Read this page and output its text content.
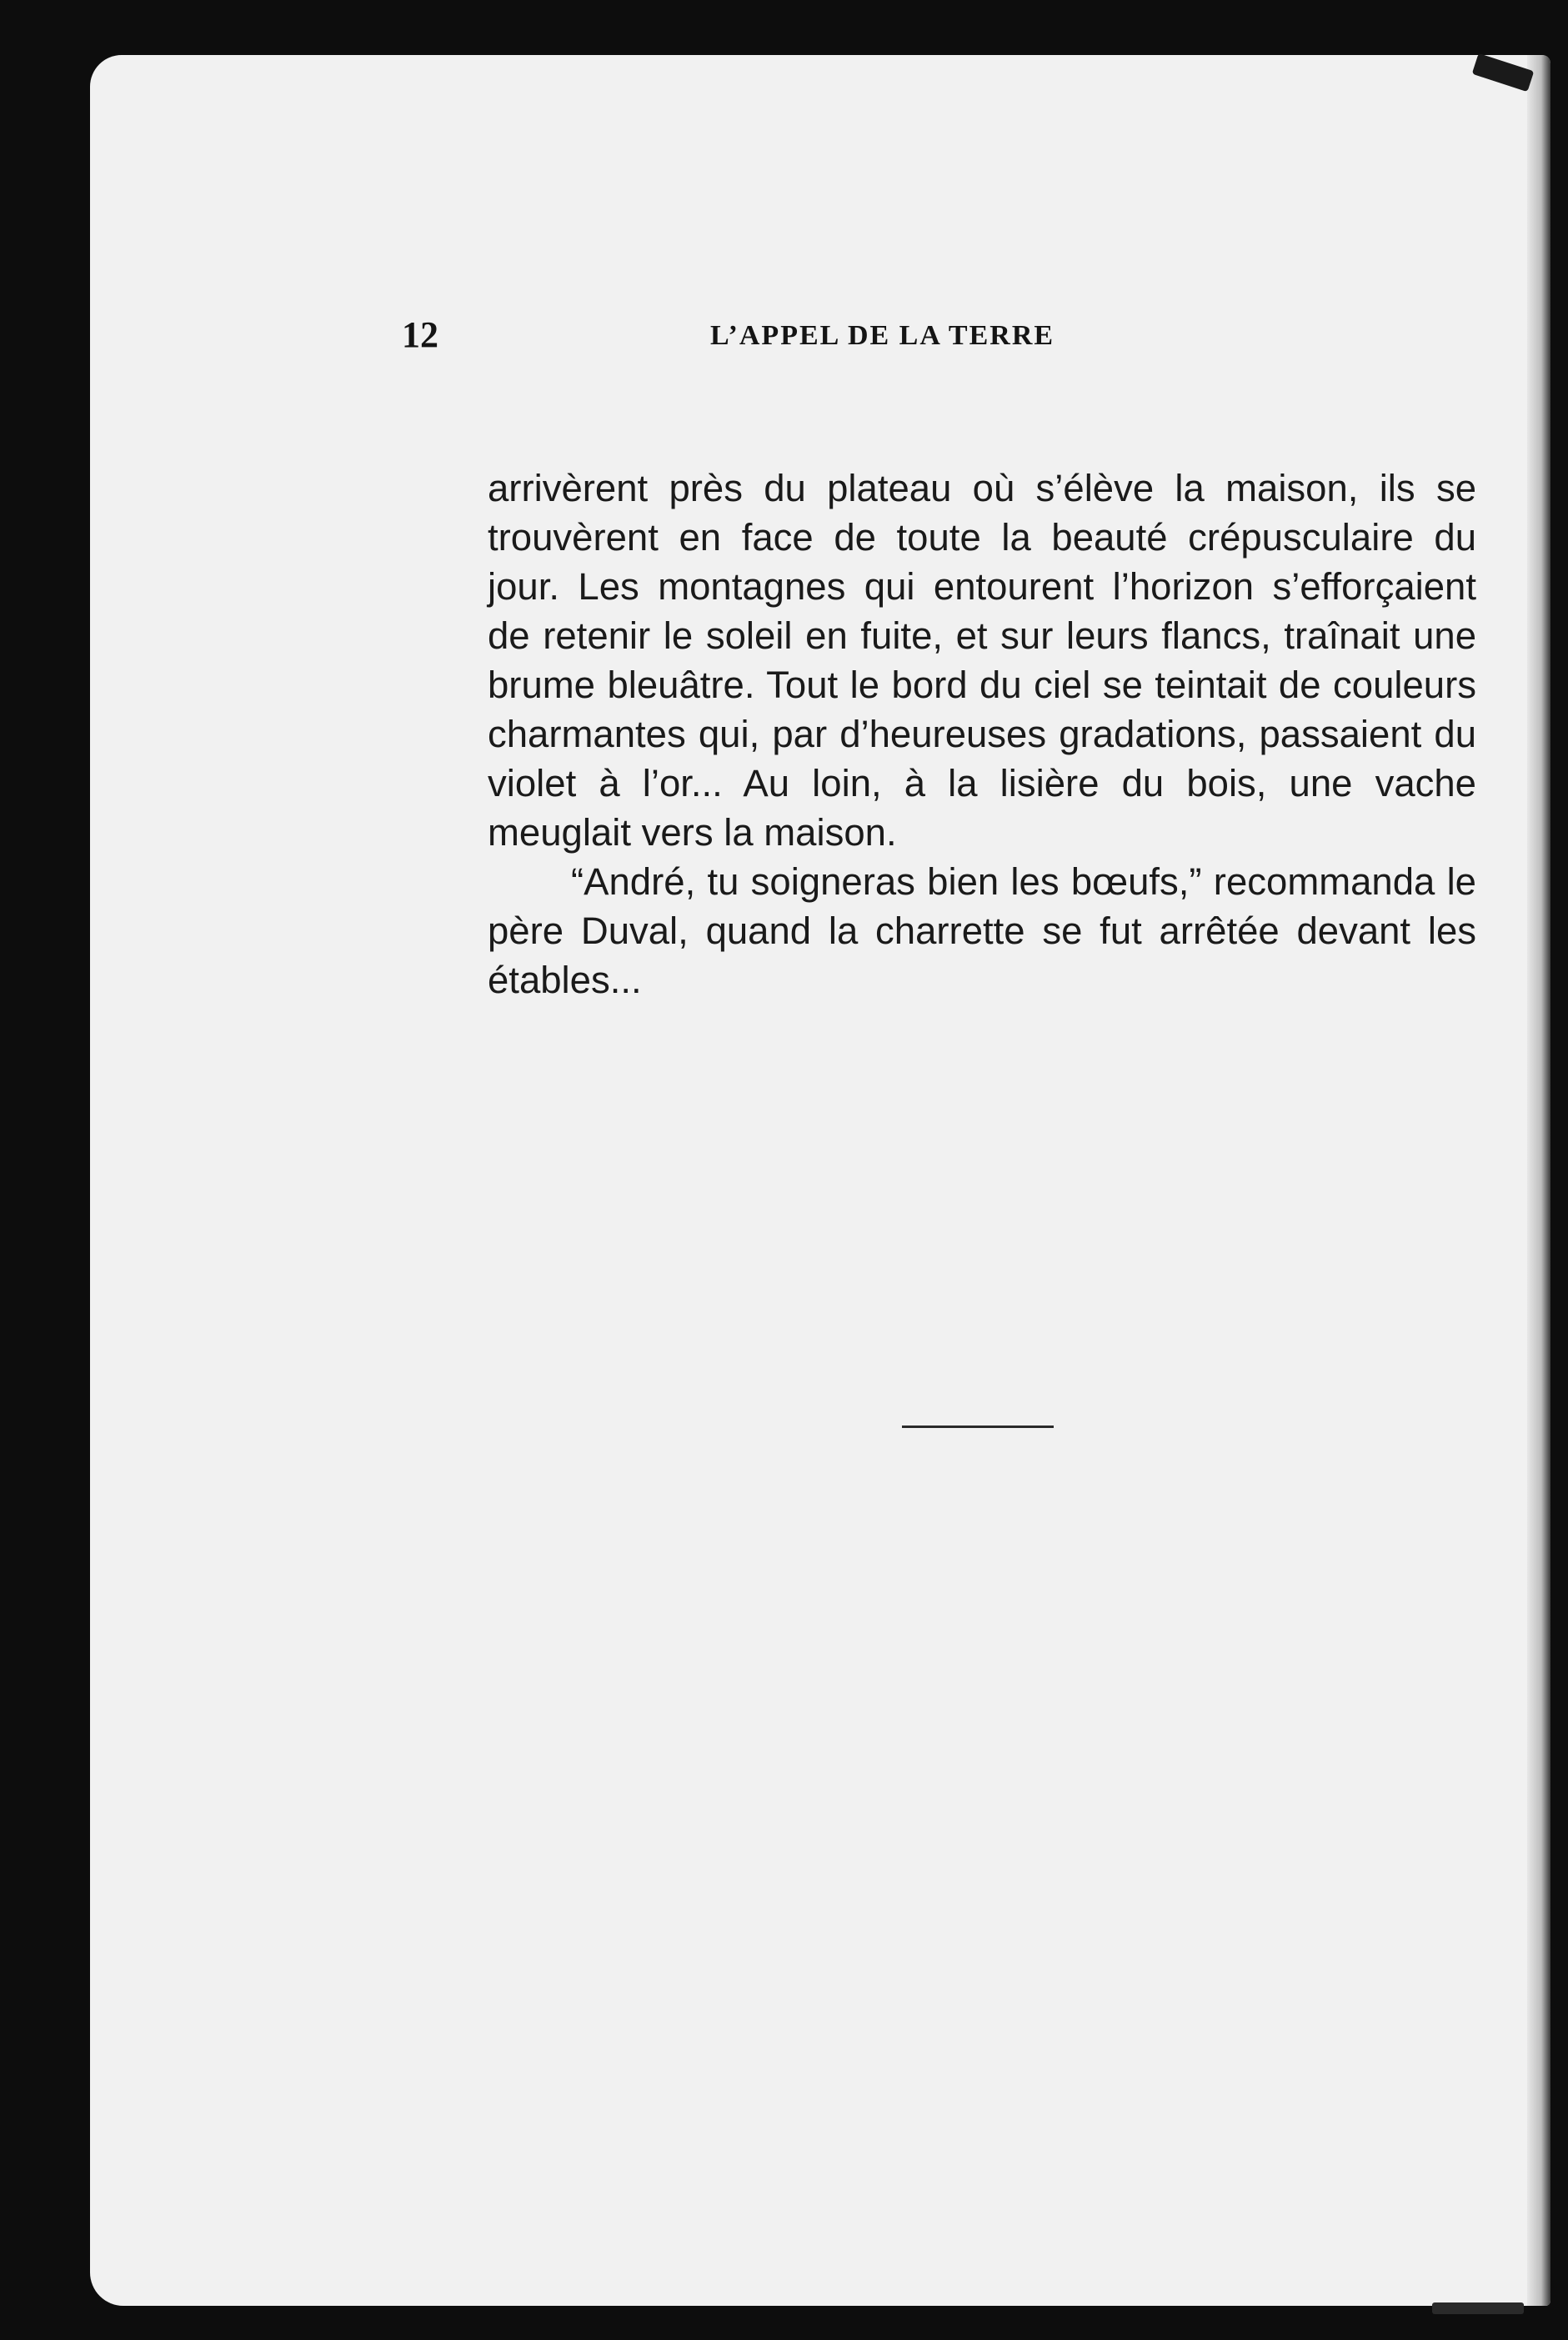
12	L’APPEL DE LA TERRE

arrivèrent près du plateau où s’élève la maison, ils se trouvèrent en face de toute la beauté crépusculaire du jour. Les montagnes qui entourent l’horizon s’efforçaient de retenir le soleil en fuite, et sur leurs flancs, traînait une brume bleuâtre. Tout le bord du ciel se teintait de couleurs charmantes qui, par d’heureuses gradations, passaient du violet à l’or... Au loin, à la lisière du bois, une vache meuglait vers la maison.

“André, tu soigneras bien les bœufs,” recommanda le père Duval, quand la charrette se fut arrêtée devant les étables...
